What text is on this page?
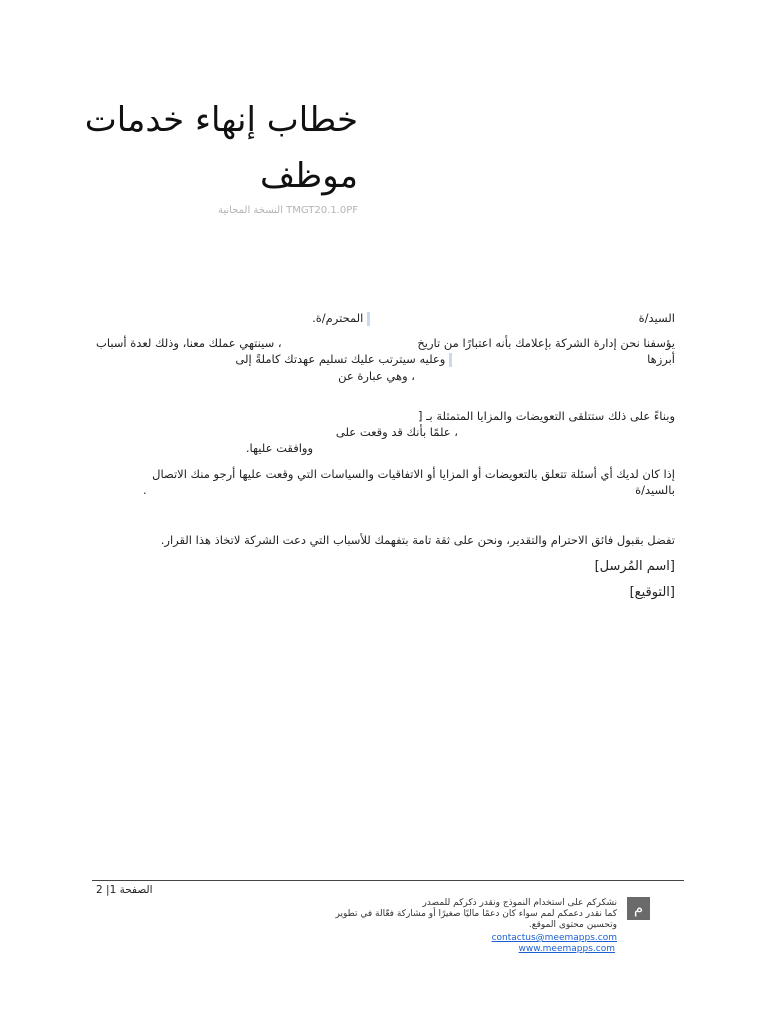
خطاب إنهاء خدمات
موظف
TMGT20.1.0PF النسخة المجانية
السيد/ة
المحترم/ة.
يؤسفنا نحن إدارة الشركة بإعلامك بأنه اعتبارًا من تاريخ
، سينتهي عملك معنا، وذلك لعدة أسباب
أبرزها
وعليه سيترتب عليك تسليم عهدتك كاملةً إلى
، وهي عبارة عن
وبناءً على ذلك ستتلقى التعويضات والمزايا المتمثلة بـ [
، علمًا بأنك قد وقعت على
ووافقت عليها.
إذا كان لديك أي أسئلة تتعلق بالتعويضات أو المزايا أو الاتفاقيات والسياسات التي وقعت عليها أرجو منك الاتصال
بالسيد/ة
.
تفضل بقبول فائق الاحترام والتقدير، ونحن على ثقة تامة بتفهمك للأسباب التي دعت الشركة لاتخاذ هذا القرار.
[اسم المُرسل]
[التوقيع]
الصفحة 1| 2
م
نشكركم على استخدام النموذج ونقدر ذكركم للمصدر
كما نقدر دعمكم لمم سواء كان دعمًا ماليًا صغيرًا أو مشاركة فعّالة في تطوير
وتحسين محتوى الموقع.
contactus@meemapps.com
www.meemapps.com
